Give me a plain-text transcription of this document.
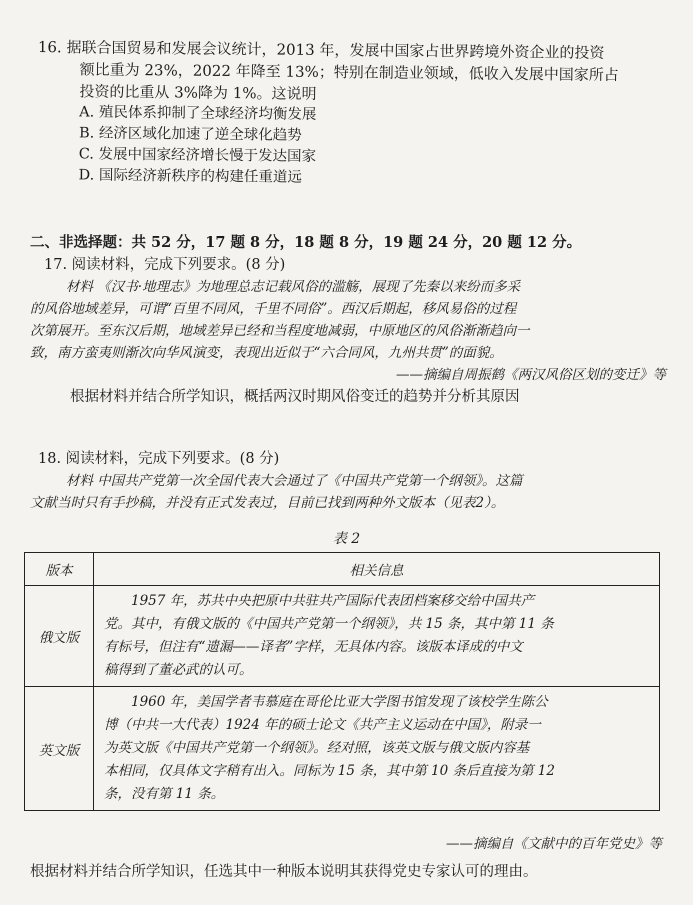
16. 据联合国贸易和发展会议统计，2013 年，发展中国家占世界跨境外资企业的投资
额比重为 23%，2022 年降至 13%；特别在制造业领域，低收入发展中国家所占
投资的比重从 3%降为 1%。这说明
A. 殖民体系抑制了全球经济均衡发展
B. 经济区域化加速了逆全球化趋势
C. 发展中国家经济增长慢于发达国家
D. 国际经济新秩序的构建任重道远
二、非选择题：共 52 分，17 题 8 分，18 题 8 分，19 题 24 分，20 题 12 分。
17. 阅读材料，完成下列要求。(8 分)
材料 《汉书·地理志》为地理总志记载风俗的滥觞，展现了先秦以来纷而多采
的风俗地域差异，可谓“百里不同风，千里不同俗”。西汉后期起，移风易俗的过程
次第展开。至东汉后期，地域差异已经和当程度地减弱，中原地区的风俗渐渐趋向一
致，南方蛮夷则渐次向华风演变，表现出近似于“六合同风，九州共贯”的面貌。
——摘编自周振鹤《两汉风俗区划的变迁》等
根据材料并结合所学知识，概括两汉时期风俗变迁的趋势并分析其原因
18. 阅读材料，完成下列要求。(8 分)
材料 中国共产党第一次全国代表大会通过了《中国共产党第一个纲领》。这篇
文献当时只有手抄稿，并没有正式发表过，目前已找到两种外文版本（见表2）。
表 2
版本	相关信息
俄文版	1957 年，苏共中央把原中共驻共产国际代表团档案移交给中国共产
党。其中，有俄文版的《中国共产党第一个纲领》，共 15 条，其中第 11 条
有标号，但注有“遗漏——译者”字样，无具体内容。该版本译成的中文
稿得到了董必武的认可。

英文版	1960 年，美国学者韦慕庭在哥伦比亚大学图书馆发现了该校学生陈公
博（中共一大代表）1924 年的硕士论文《共产主义运动在中国》，附录一
为英文版《中国共产党第一个纲领》。经对照，该英文版与俄文版内容基
本相同，仅具体文字稍有出入。同标为 15 条，其中第 10 条后直接为第 12
条，没有第 11 条。
——摘编自《文献中的百年党史》等
根据材料并结合所学知识，任选其中一种版本说明其获得党史专家认可的理由。
